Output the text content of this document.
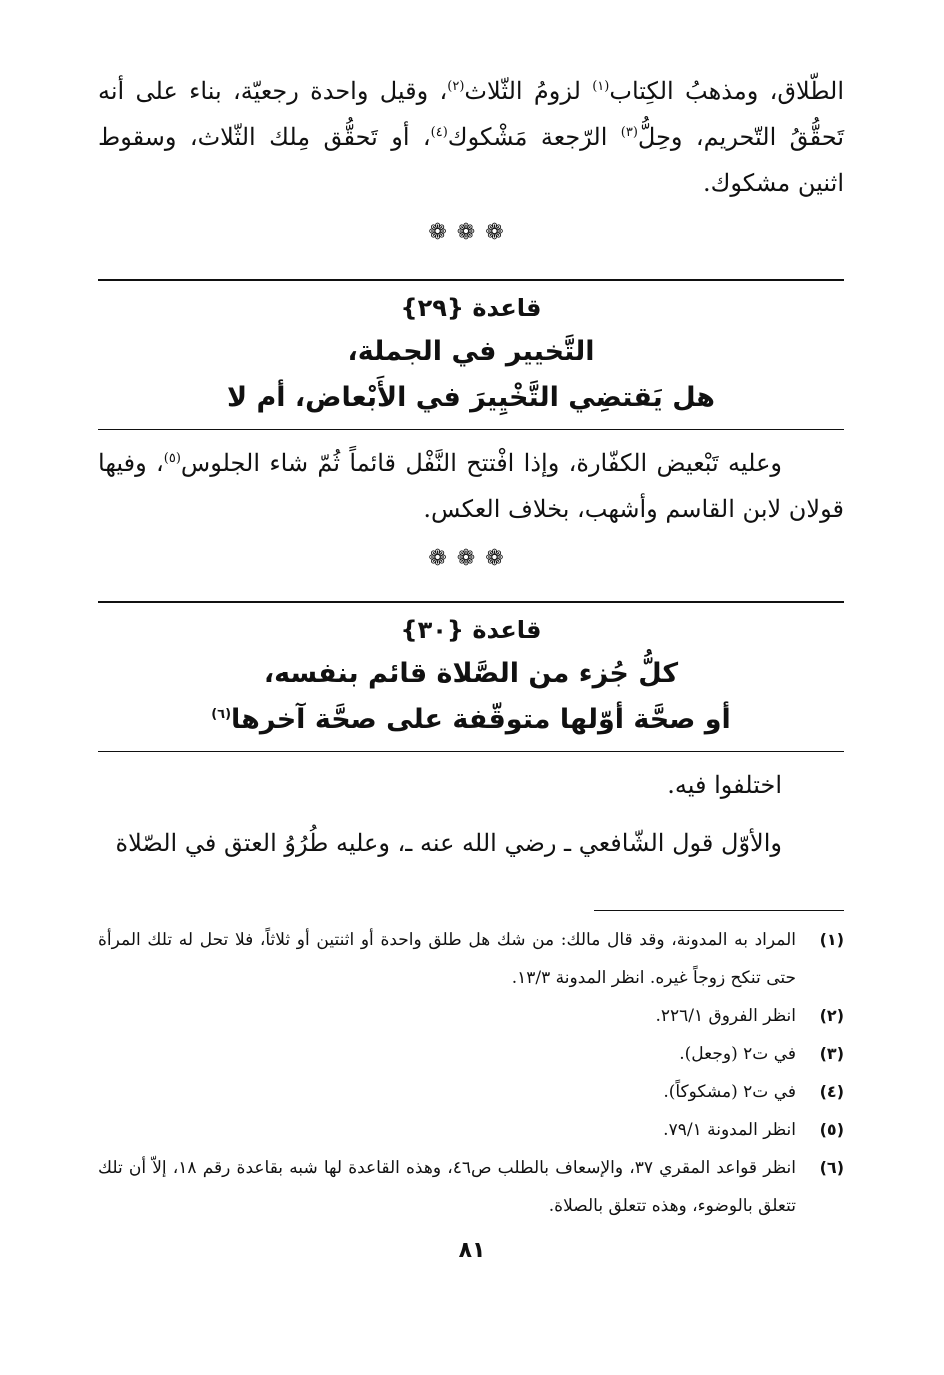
الطّلاق، ومذهبُ الكِتاب$^{(١)}$ لزومُ الثّلاث$^{(٢)}$، وقيل واحدة رجعيّة، بناء على أنه تَحقُّقُ التّحريم، وحِلُّ$^{(٣)}$ الرّجعة مَشْكوك$^{(٤)}$، أو تَحقُّق مِلك الثّلاث، وسقوط اثنين مشكوك.

❁❁❁
قاعدة {٢٩}
التَّخيير في الجملة،
هل يَقتضِي التَّخْيِيرَ في الأَبْعاض، أم لا

وعليه تَبْعيض الكفّارة، وإذا افْتتح النَّفْل قائماً ثُمّ شاء الجلوس$^{(٥)}$، وفيها قولان لابن القاسم وأشهب، بخلاف العكس.

❁❁❁
قاعدة {٣٠}
كلُّ جُزء من الصَّلاة قائم بنفسه،
أو صحَّة أوّلها متوقّفة على صحَّة آخرها$^{(٦)}$

اختلفوا فيه.

والأوّل قول الشّافعي ـ رضي الله عنه ـ، وعليه طُرُوُ العتق في الصّلاة

(١)
المراد به المدونة، وقد قال مالك: من شك هل طلق واحدة أو اثنتين أو ثلاثاً، فلا تحل له تلك المرأة حتى تنكح زوجاً غيره. انظر المدونة ١٣/٣.
(٢)
انظر الفروق ٢٢٦/١.
(٣)
في ت٢ (وجعل).
(٤)
في ت٢ (مشكوكاً).
(٥)
انظر المدونة ٧٩/١.
(٦)
انظر قواعد المقري ٣٧، والإسعاف بالطلب ص٤٦، وهذه القاعدة لها شبه بقاعدة رقم ١٨، إلاّ أن تلك تتعلق بالوضوء، وهذه تتعلق بالصلاة.
٨١
